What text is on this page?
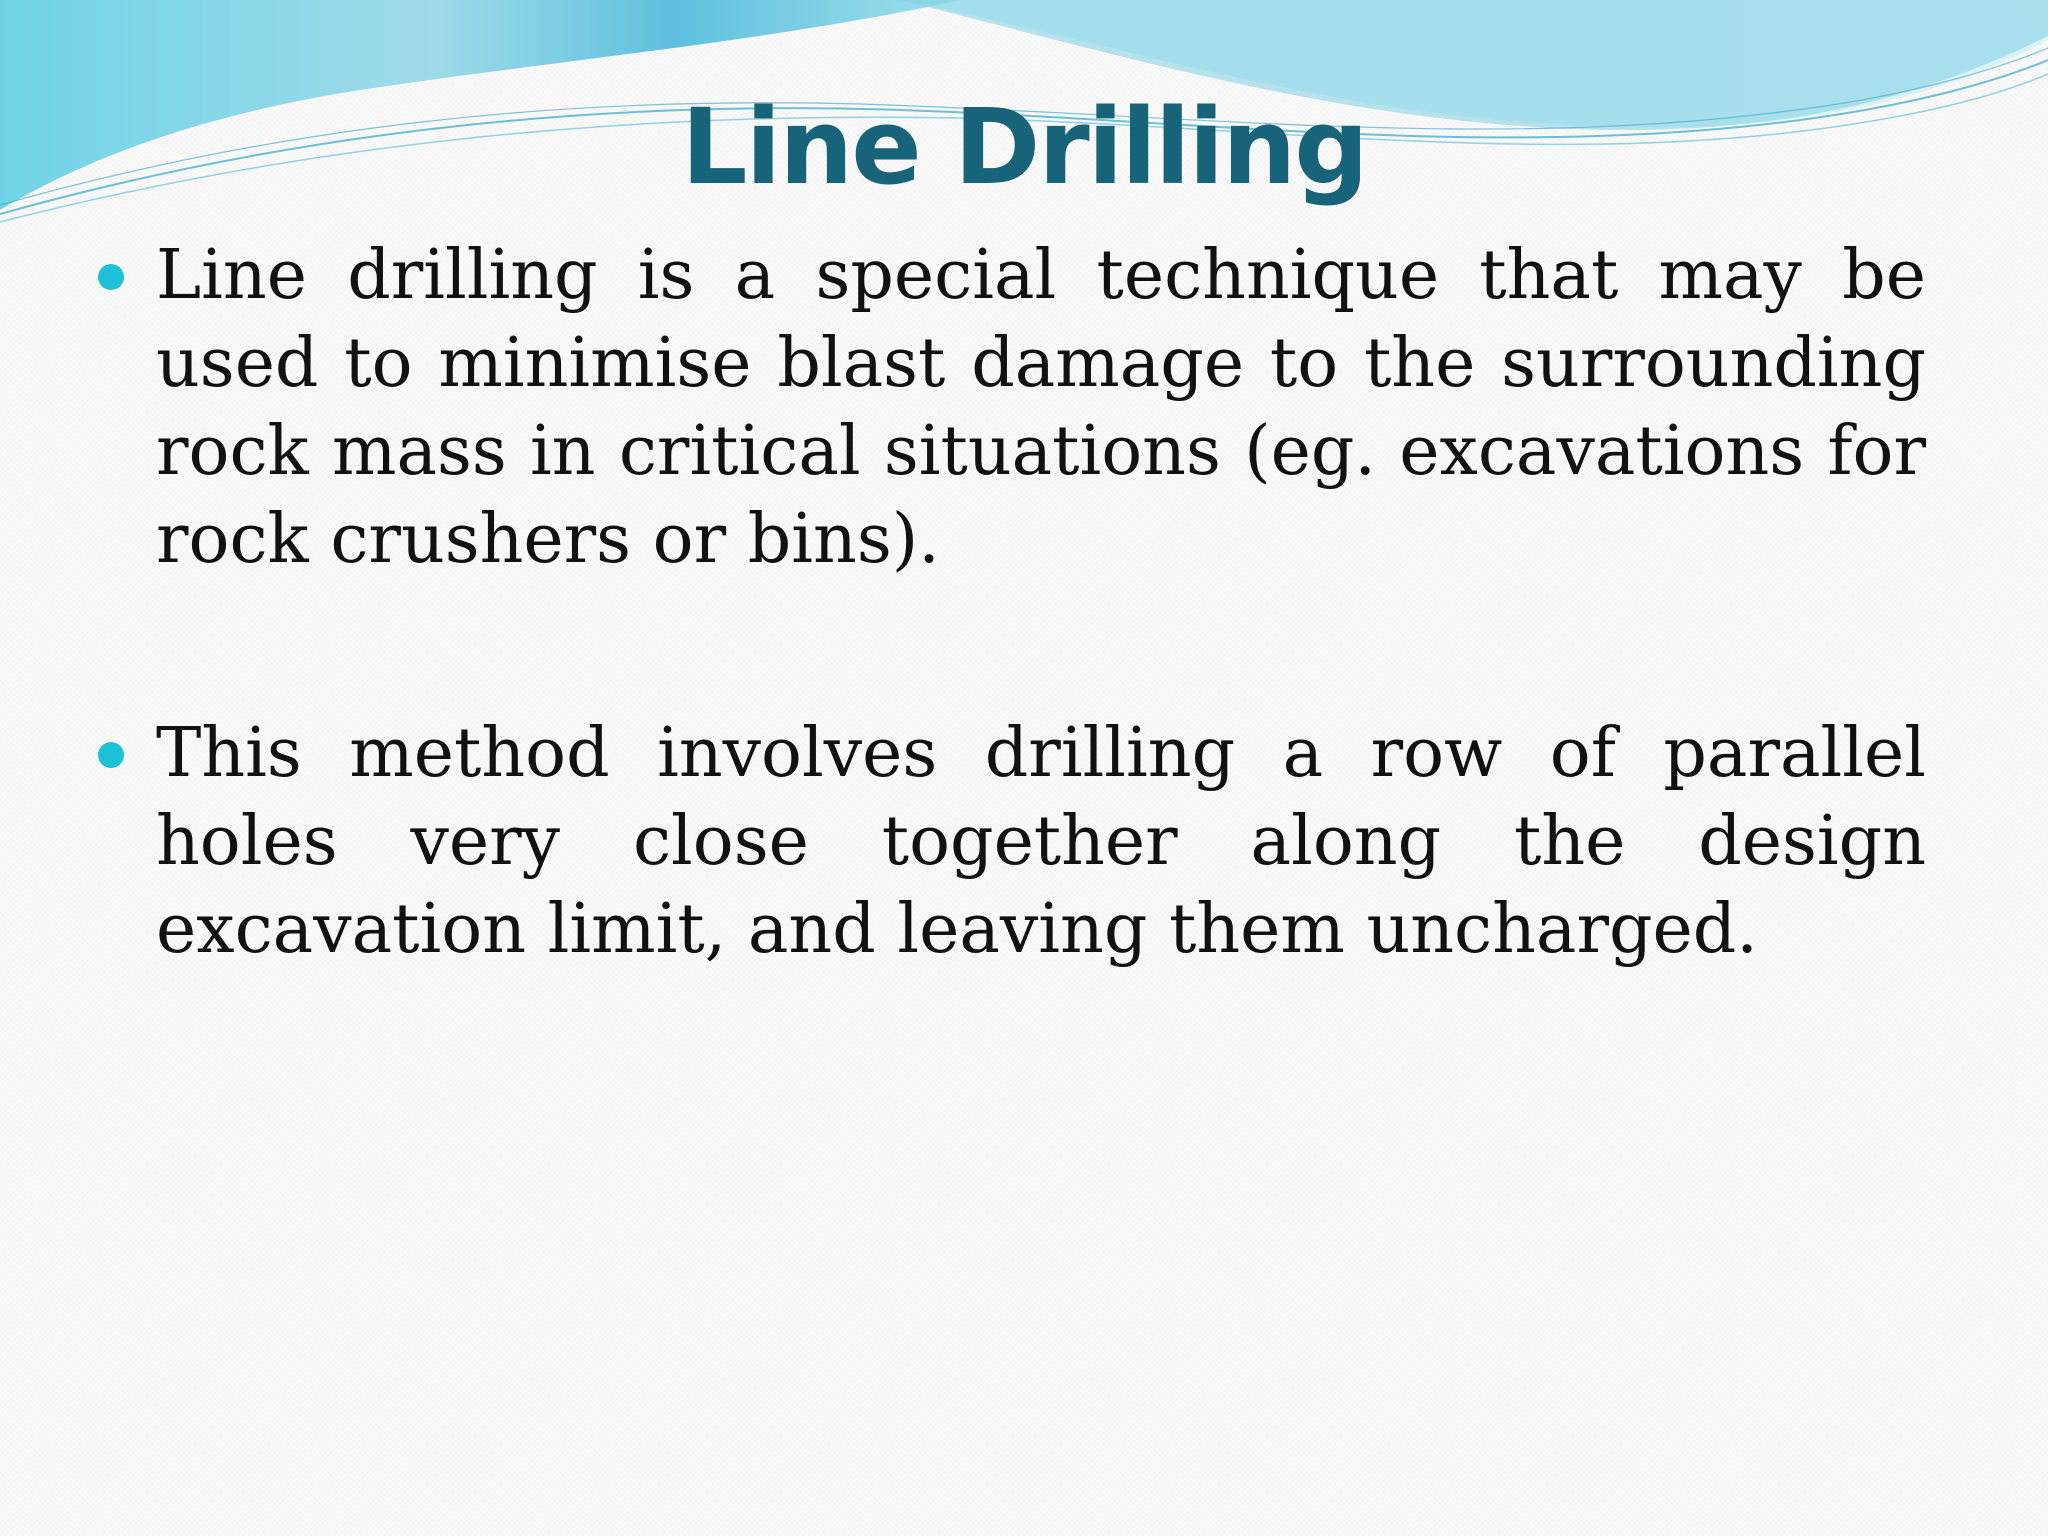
Line Drilling
Line drilling is a special technique that may be used to minimise blast damage to the surrounding rock mass in critical situations (eg. excavations for rock crushers or bins).
This method involves drilling a row of parallel holes very close together along the design excavation limit, and leaving them uncharged.
